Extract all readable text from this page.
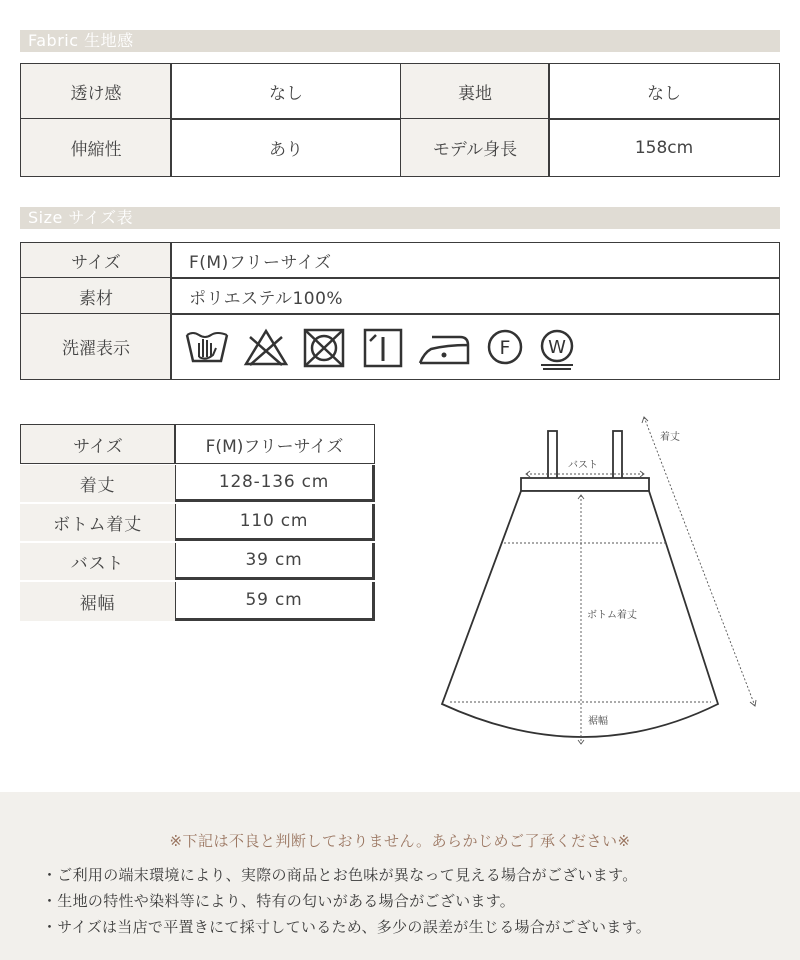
Fabric 生地感
透け感	なし	裏地	なし
伸縮性	あり	モデル身長	158cm
Size サイズ表
サイズ	F(M)フリーサイズ
素材	ポリエステル100%
洗濯表示	F W
サイズ	F(M)フリーサイズ
着丈	128-136 cm
ボトム着丈	110 cm
バスト	39 cm
裾幅	59 cm
着丈
バスト
ボトム着丈
裾幅
※下記は不良と判断しておりません。あらかじめご了承ください※
・ご利用の端末環境により、実際の商品とお色味が異なって見える場合がございます。
・生地の特性や染料等により、特有の匂いがある場合がございます。
・サイズは当店で平置きにて採寸しているため、多少の誤差が生じる場合がございます。
